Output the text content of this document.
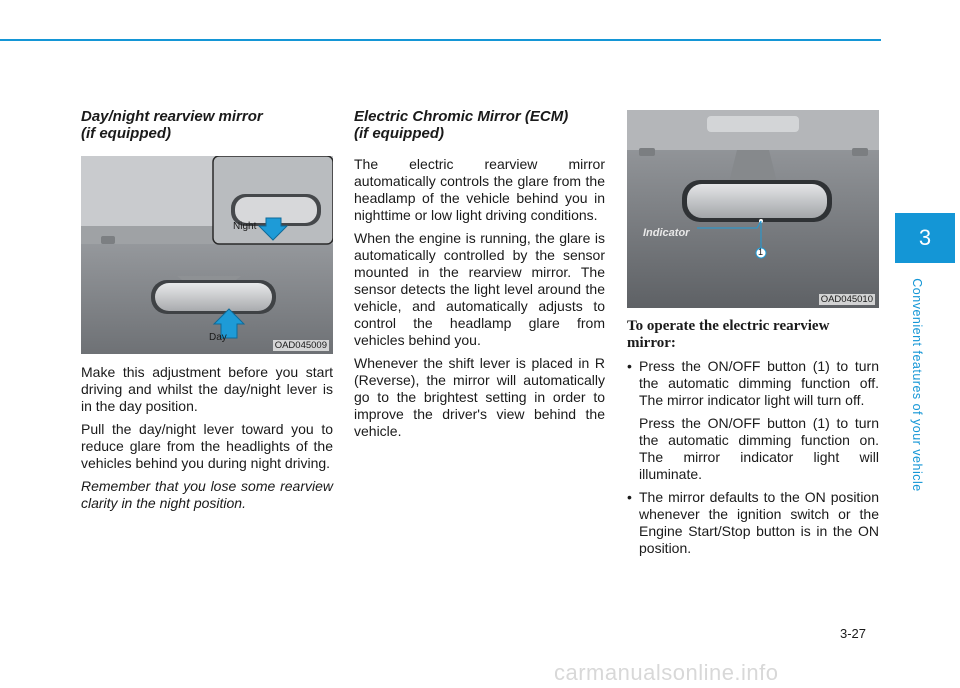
Day/night rearview mirror
(if equipped)
Night
Day
OAD045009

Make this adjustment before you start driving and whilst the day/night lever is in the day position.

Pull the day/night lever toward you to reduce glare from the headlights of the vehicles behind you during night driving.

Remember that you lose some rearview clarity in the night position.

Electric Chromic Mirror (ECM)
(if equipped)

The electric rearview mirror automatically controls the glare from the headlamp of the vehicle behind you in nighttime or low light driving conditions.

When the engine is running, the glare is automatically controlled by the sensor mounted in the rearview mirror. The sensor detects the light level around the vehicle, and automatically adjusts to control the headlamp glare from vehicles behind you.

Whenever the shift lever is placed in R (Reverse), the mirror will automatically go to the brightest setting in order to improve the driver's view behind the vehicle.

Indicator
1
OAD045010
To operate the electric rearview mirror:

• Press the ON/OFF button (1) to turn the automatic dimming function off. The mirror indicator light will turn off.

Press the ON/OFF button (1) to turn the automatic dimming function on. The mirror indicator light will illuminate.

• The mirror defaults to the ON position whenever the ignition switch or the Engine Start/Stop button is in the ON position.

3
Convenient features of your vehicle
3-27
carmanualsonline.info
